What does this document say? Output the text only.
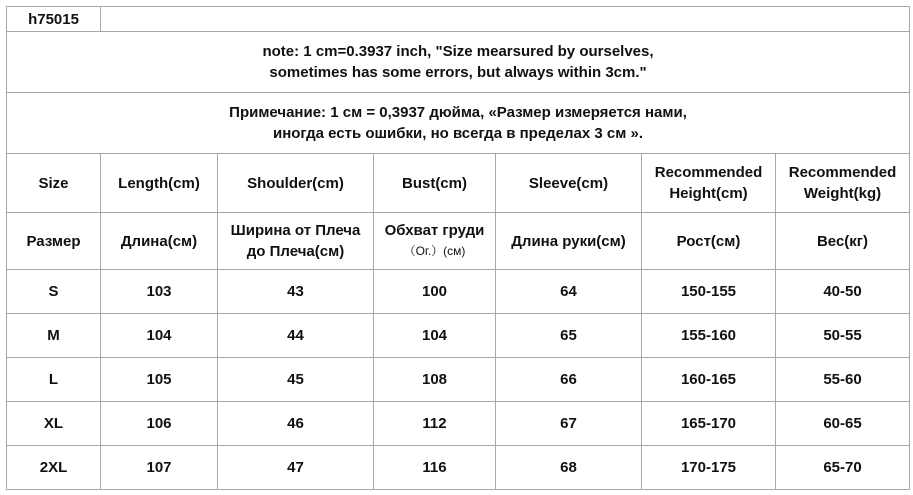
h75015						

note: 1 cm=0.3937 inch, "Size mearsured by ourselves,
sometimes has some errors, but always within 3cm."						

Примечание: 1 см = 0,3937 дюйма, «Размер измеряется нами,
иногда есть ошибки, но всегда в пределах 3 см ».						

Size	Length(cm)	Shoulder(cm)	Bust(cm)	Sleeve(cm)	Recommended
Height(cm)	Recommended
Weight(kg)

Размер	Длина(см)	Ширина от Плеча
до Плеча(см)	Обхват груди
（Oг.）(см)	Длина руки(см)	Рост(см)	Вес(кг)
S	103	43	100	64	150-155	40-50
M	104	44	104	65	155-160	50-55
L	105	45	108	66	160-165	55-60
XL	106	46	112	67	165-170	60-65
2XL	107	47	116	68	170-175	65-70
